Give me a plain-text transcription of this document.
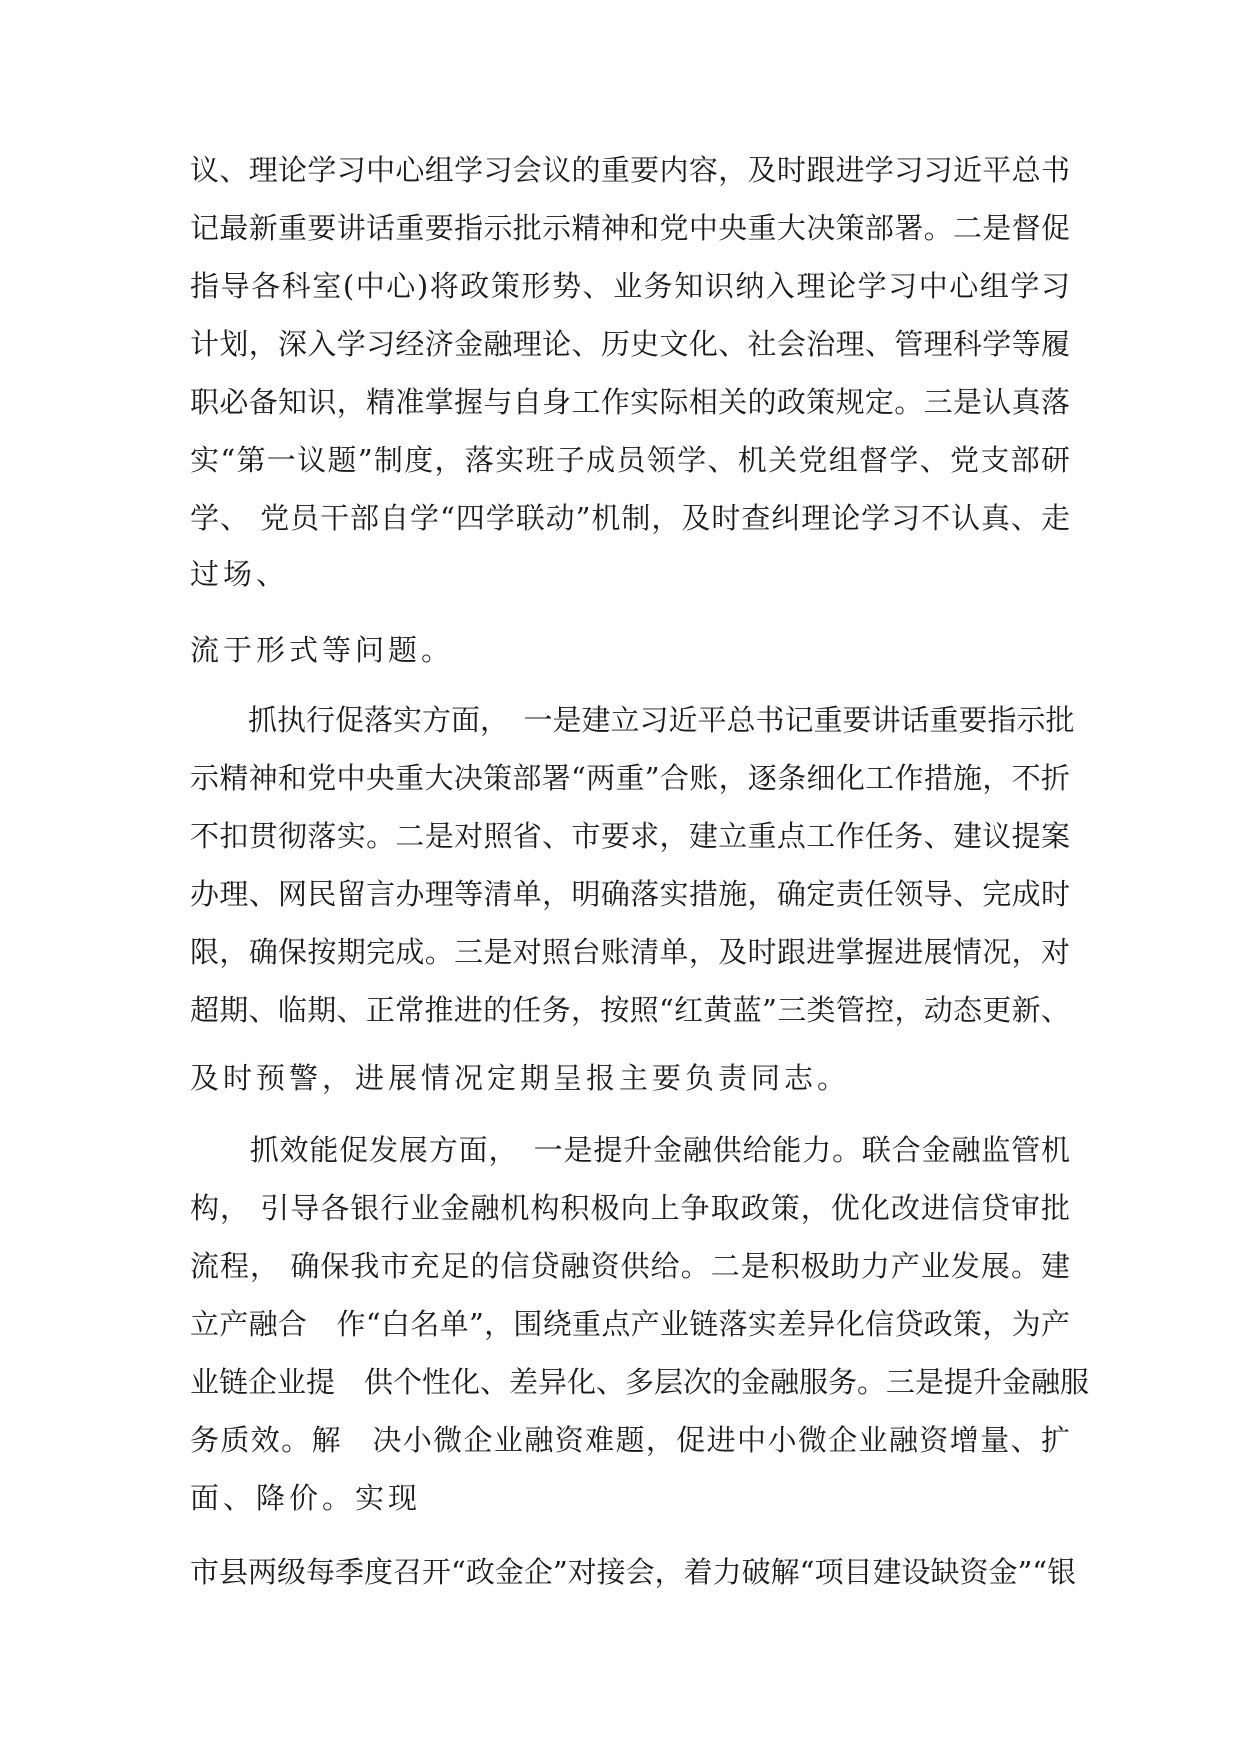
议、理论学习中心组学习会议的重要内容，及时跟进学习习近平总书

记最新重要讲话重要指示批示精神和党中央重大决策部署。二是督促

指导各科室(中心)将政策形势、业务知识纳入理论学习中心组学习

计划，深入学习经济金融理论、历史文化、社会治理、管理科学等履

职必备知识，精准掌握与自身工作实际相关的政策规定。三是认真落

实“第一议题”制度，落实班子成员领学、机关党组督学、党支部研

学、 党员干部自学“四学联动”机制，及时查纠理论学习不认真、走

过场、

流于形式等问题。

　　抓执行促落实方面，　一是建立习近平总书记重要讲话重要指示批

示精神和党中央重大决策部署“两重”合账，逐条细化工作措施，不折

不扣贯彻落实。二是对照省、市要求，建立重点工作任务、建议提案

办理、网民留言办理等清单，明确落实措施，确定责任领导、完成时

限，确保按期完成。三是对照台账清单，及时跟进掌握进展情况，对

超期、临期、正常推进的任务，按照“红黄蓝”三类管控，动态更新、

及时预警，进展情况定期呈报主要负责同志。

　　抓效能促发展方面，　一是提升金融供给能力。联合金融监管机

构， 引导各银行业金融机构积极向上争取政策，优化改进信贷审批

流程， 确保我市充足的信贷融资供给。二是积极助力产业发展。建

立产融合　作“白名单”，围绕重点产业链落实差异化信贷政策，为产

业链企业提　供个性化、差异化、多层次的金融服务。三是提升金融服

务质效。解　决小微企业融资难题，促进中小微企业融资增量、扩

面、降价。实现

市县两级每季度召开“政金企”对接会，着力破解“项目建设缺资金”“银
